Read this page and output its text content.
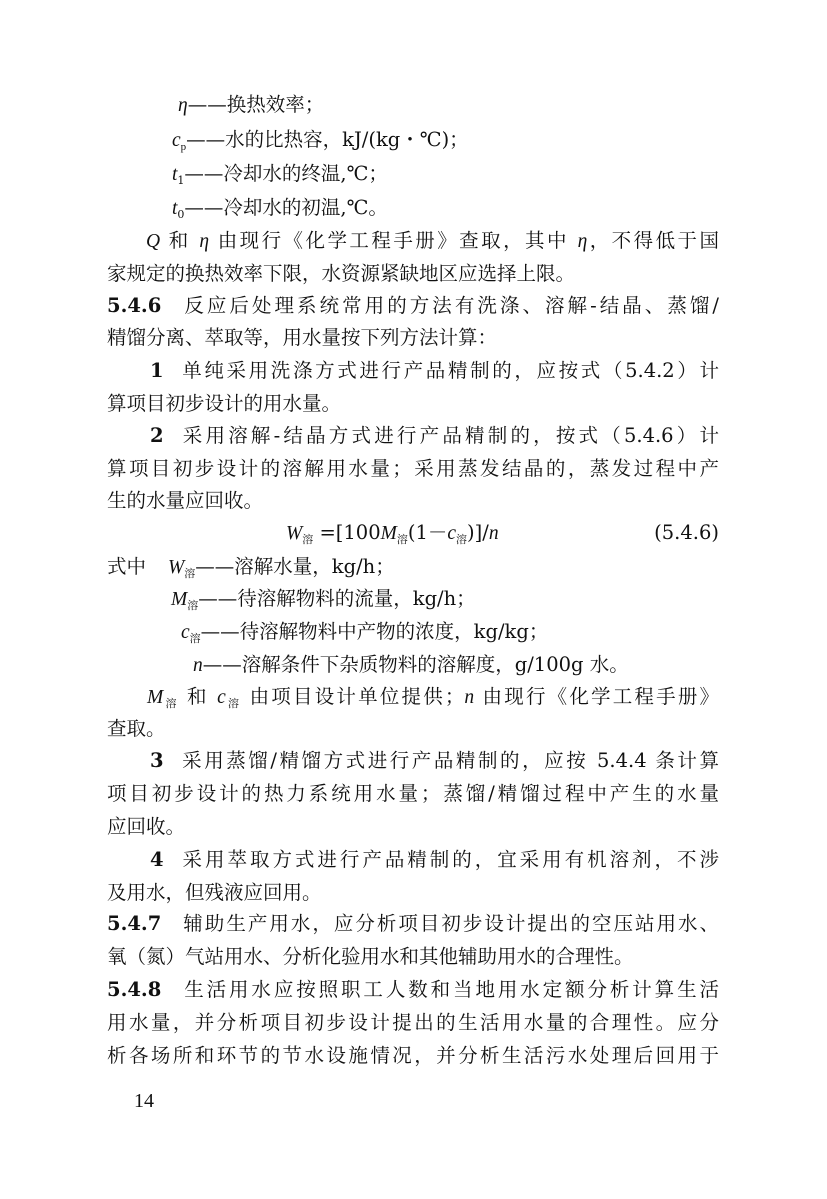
η——换热效率；
$c_p——$水的比热容，kJ/(kg・℃)；
$t_1——$冷却水的终温,℃；
$t_0——$冷却水的初温,℃。
Q 和 η 由现行《化学工程手册》查取，其中 η，不得低于国
家规定的换热效率下限，水资源紧缺地区应选择上限。
5.4.6 反应后处理系统常用的方法有洗涤、溶解-结晶、蒸馏/
精馏分离、萃取等，用水量按下列方法计算：
1 单纯采用洗涤方式进行产品精制的，应按式（5.4.2）计
算项目初步设计的用水量。
2 采用溶解-结晶方式进行产品精制的，按式（5.4.6）计
算项目初步设计的溶解用水量；采用蒸发结晶的，蒸发过程中产
生的水量应回收。
$W_溶 =[100M_溶(1-c_溶)]/n$	(5.4.6)
式中 $W_溶——$溶解水量，kg/h；
$M_溶——$待溶解物料的流量，kg/h；
$c_溶——$待溶解物料中产物的浓度，kg/kg；
n——溶解条件下杂质物料的溶解度，g/100g 水。
$M_溶$ 和 $c_溶$ 由项目设计单位提供；n 由现行《化学工程手册》
查取。
3 采用蒸馏/精馏方式进行产品精制的，应按 5.4.4 条计算
项目初步设计的热力系统用水量；蒸馏/精馏过程中产生的水量
应回收。
4 采用萃取方式进行产品精制的，宜采用有机溶剂，不涉
及用水，但残液应回用。
5.4.7 辅助生产用水，应分析项目初步设计提出的空压站用水、
氧（氮）气站用水、分析化验用水和其他辅助用水的合理性。
5.4.8 生活用水应按照职工人数和当地用水定额分析计算生活
用水量，并分析项目初步设计提出的生活用水量的合理性。应分
析各场所和环节的节水设施情况，并分析生活污水处理后回用于
14
